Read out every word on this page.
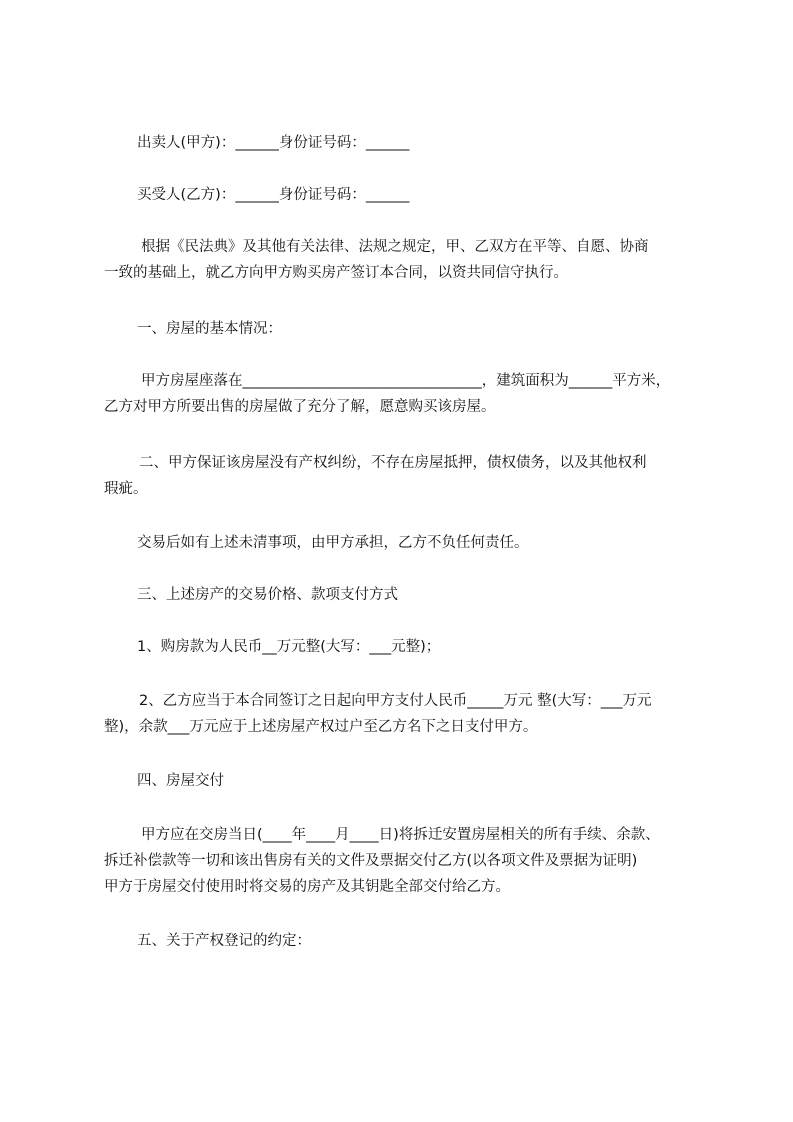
出卖人(甲方)：______身份证号码：______
买受人(乙方)：______身份证号码：______
根据《民法典》及其他有关法律、法规之规定，甲、乙双方在平等、自愿、协商
一致的基础上，就乙方向甲方购买房产签订本合同，以资共同信守执行。
一、房屋的基本情况：
甲方房屋座落在_________________________________，建筑面积为______平方米，
乙方对甲方所要出售的房屋做了充分了解，愿意购买该房屋。
二、甲方保证该房屋没有产权纠纷，不存在房屋抵押，债权债务，以及其他权利
瑕疵。
交易后如有上述未清事项，由甲方承担，乙方不负任何责任。
三、上述房产的交易价格、款项支付方式
1、购房款为人民币__万元整(大写：___元整)；
2、乙方应当于本合同签订之日起向甲方支付人民币_____万元 整(大写：___万元
整)，余款___万元应于上述房屋产权过户至乙方名下之日支付甲方。
四、房屋交付
甲方应在交房当日(____年____月____日)将拆迁安置房屋相关的所有手续、余款、
拆迁补偿款等一切和该出售房有关的文件及票据交付乙方(以各项文件及票据为证明)
甲方于房屋交付使用时将交易的房产及其钥匙全部交付给乙方。
五、关于产权登记的约定：
